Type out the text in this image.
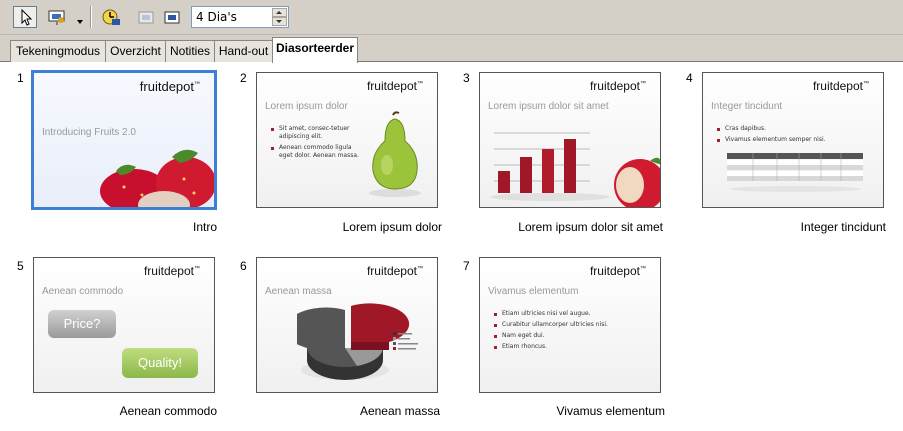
4 Dia's
Tekeningmodus Overzicht Notities Hand-out Diasorteerder
1
fruitdepot™
Introducing Fruits 2.0
Intro
2
fruitdepot™
Lorem ipsum dolor
Sit amet, consec-tetuer adipiscing elit.
Aenean commodo ligula eget dolor. Aenean massa.
Lorem ipsum dolor
3
fruitdepot™
Lorem ipsum dolor sit amet
Lorem ipsum dolor sit amet
4
fruitdepot™
Integer tincidunt
Cras dapibus.
Vivamus elementum semper nisi.
Integer tincidunt
5	fruitdepot™
Aenean commodo
Price?
Quality!
Aenean commodo
6	fruitdepot™
Aenean massa
Aenean massa
7	fruitdepot™
Vivamus elementum
Etiam ultricies nisi vel augue.
Curabitur ullamcorper ultricies nisi.
Nam eget dui.
Etiam rhoncus.
Vivamus elementum
